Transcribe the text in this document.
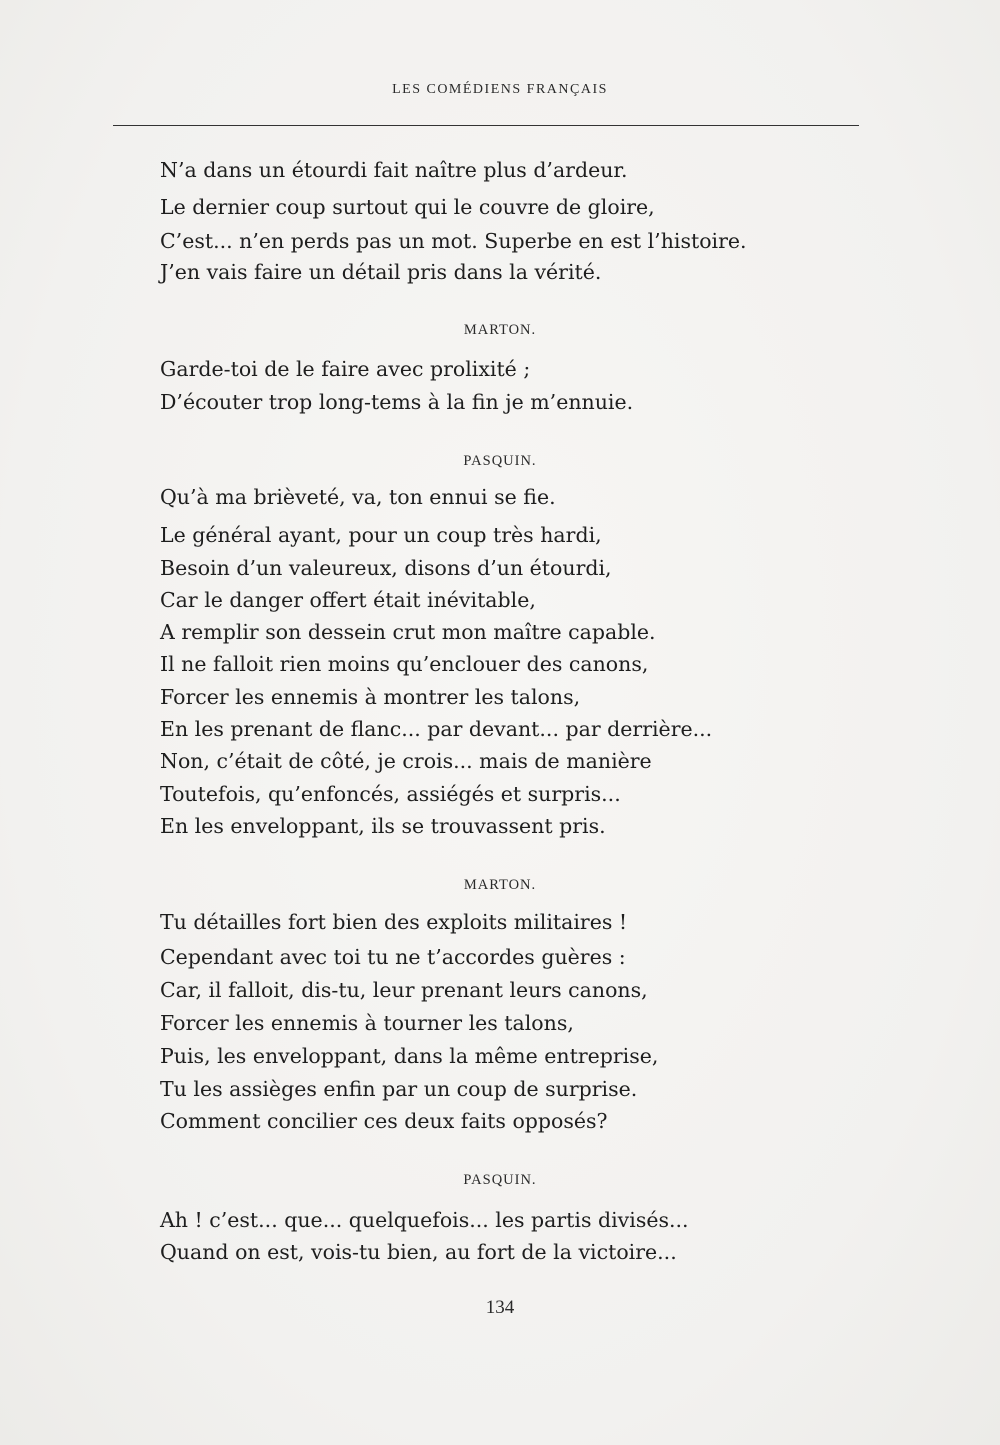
LES COMÉDIENS FRANÇAIS
N’a dans un étourdi fait naître plus d’ardeur.
Le dernier coup surtout qui le couvre de gloire,
C’est... n’en perds pas un mot. Superbe en est l’histoire.
J’en vais faire un détail pris dans la vérité.
MARTON.
Garde-toi de le faire avec prolixité ;
D’écouter trop long-tems à la fin je m’ennuie.
PASQUIN.
Qu’à ma brièveté, va, ton ennui se fie.
Le général ayant, pour un coup très hardi,
Besoin d’un valeureux, disons d’un étourdi,
Car le danger offert était inévitable,
A remplir son dessein crut mon maître capable.
Il ne falloit rien moins qu’enclouer des canons,
Forcer les ennemis à montrer les talons,
En les prenant de flanc... par devant... par derrière...
Non, c’était de côté, je crois... mais de manière
Toutefois, qu’enfoncés, assiégés et surpris...
En les enveloppant, ils se trouvassent pris.
MARTON.
Tu détailles fort bien des exploits militaires !
Cependant avec toi tu ne t’accordes guères :
Car, il falloit, dis-tu, leur prenant leurs canons,
Forcer les ennemis à tourner les talons,
Puis, les enveloppant, dans la même entreprise,
Tu les assièges enfin par un coup de surprise.
Comment concilier ces deux faits opposés?
PASQUIN.
Ah ! c’est... que... quelquefois... les partis divisés...
Quand on est, vois-tu bien, au fort de la victoire...
134
